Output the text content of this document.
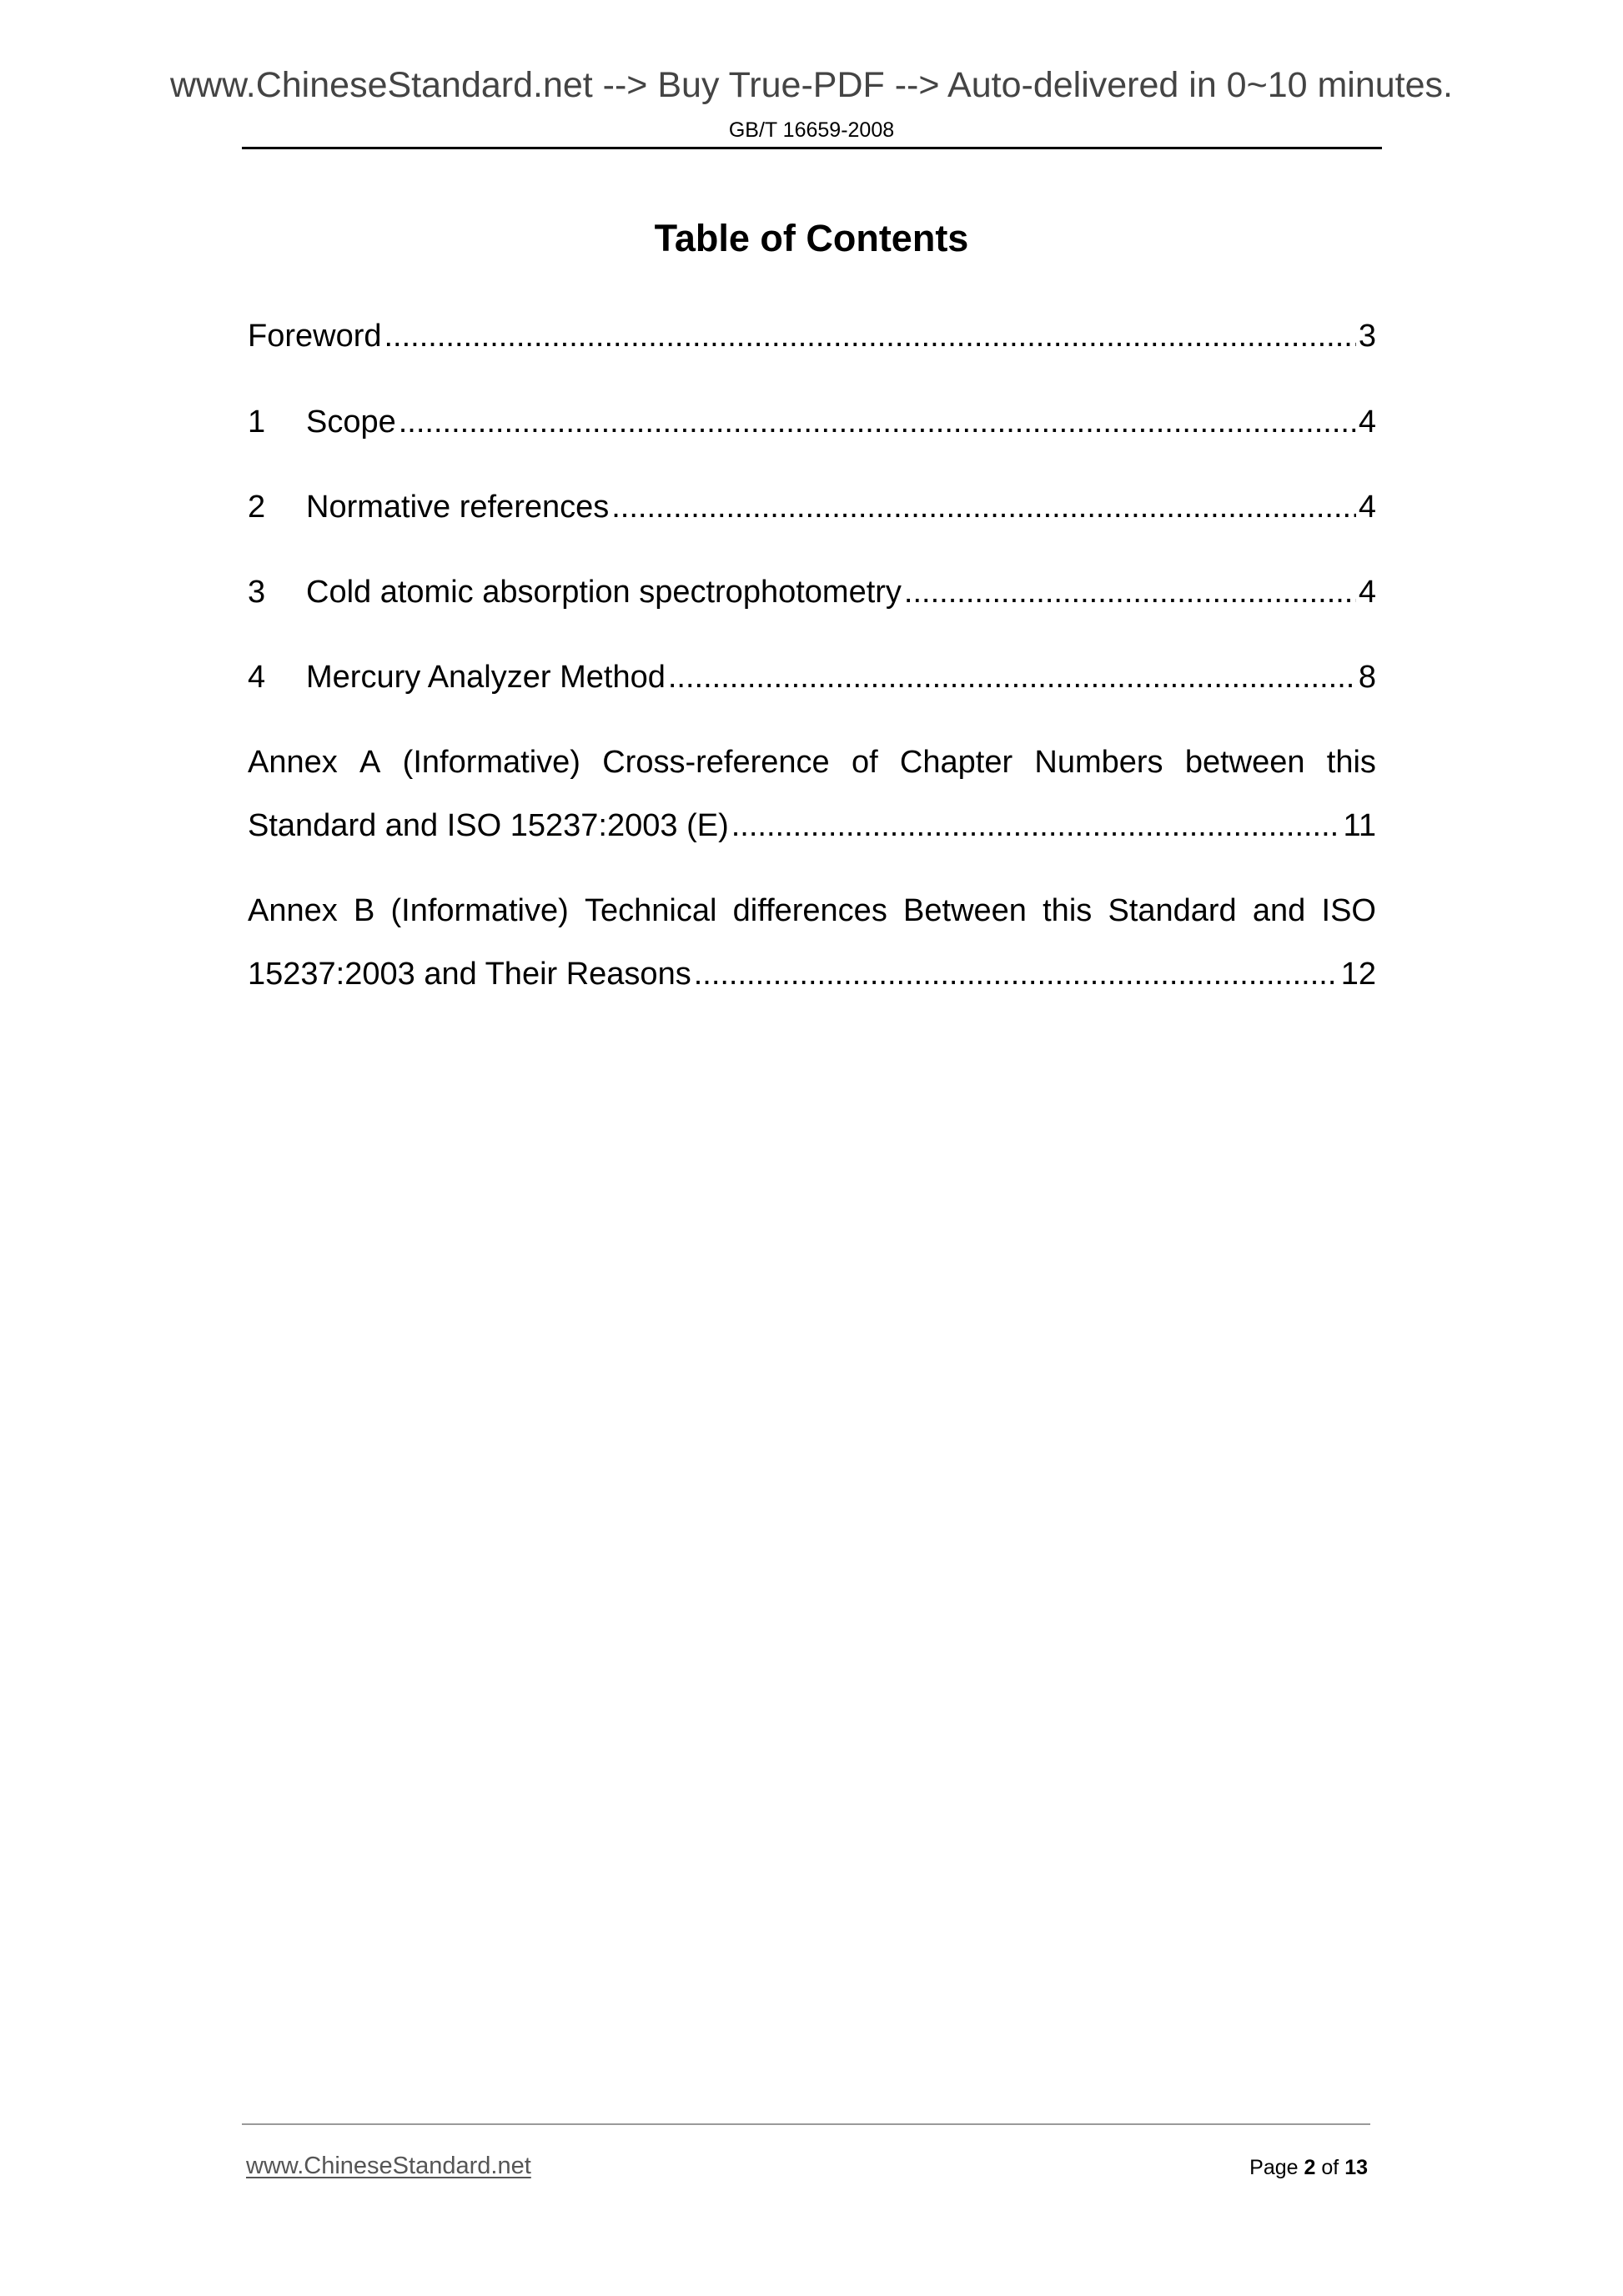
www.ChineseStandard.net --> Buy True-PDF --> Auto-delivered in 0~10 minutes.
GB/T 16659-2008
Table of Contents
Foreword .....	3
1	Scope .....	4
2	Normative references .....	4
3	Cold atomic absorption spectrophotometry .....	4
4	Mercury Analyzer Method .....	8
Annex A (Informative) Cross-reference of Chapter Numbers between this
Standard and ISO 15237:2003 (E) .....	11
Annex B (Informative) Technical differences Between this Standard and ISO
15237:2003 and Their Reasons .....	12
www.ChineseStandard.net	Page 2 of 13
